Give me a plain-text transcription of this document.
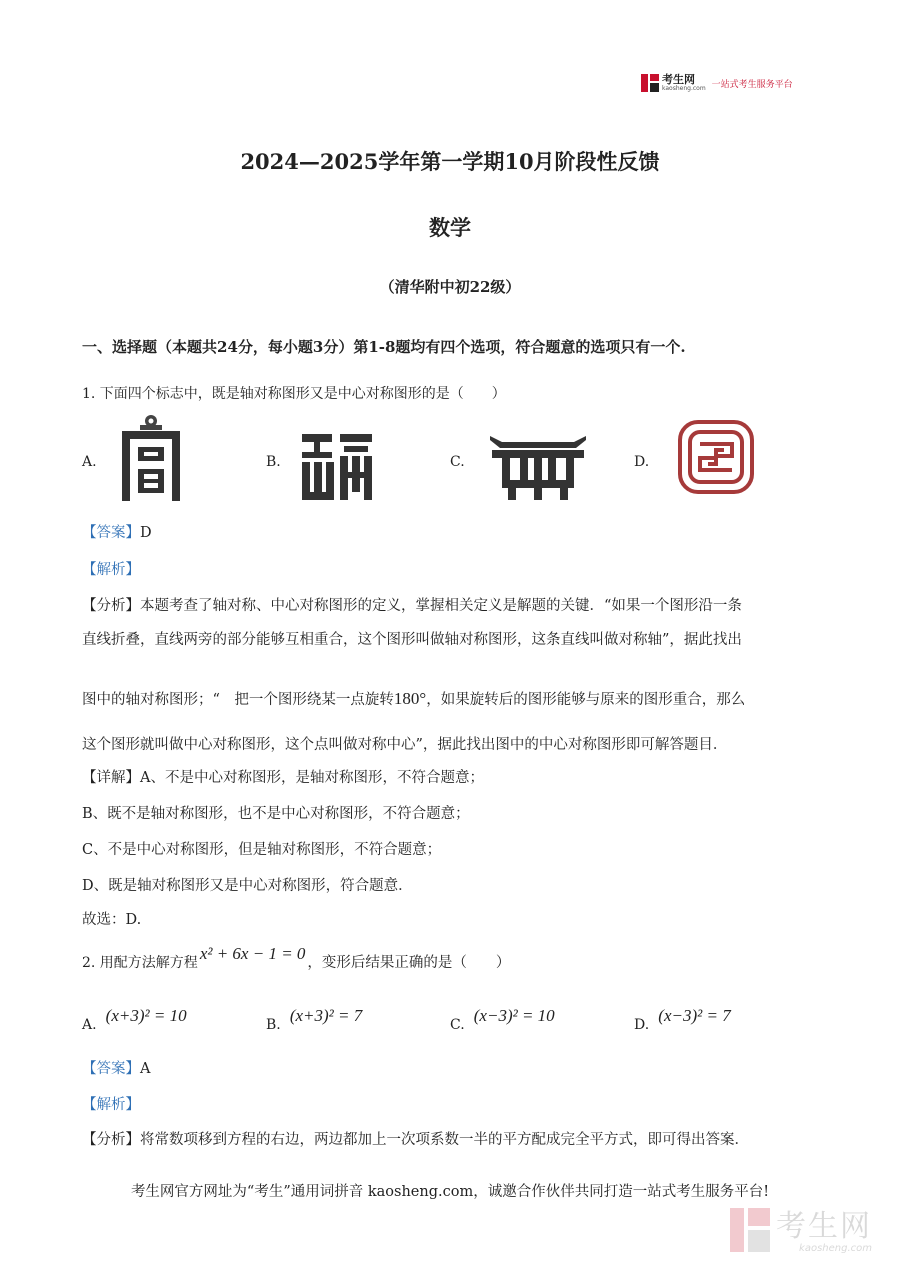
考生网
kaosheng.com 一站式考生服务平台
2024—2025学年第一学期10月阶段性反馈
数学
（清华附中初22级）
一、选择题（本题共24分，每小题3分）第1-8题均有四个选项，符合题意的选项只有一个.
1. 下面四个标志中，既是轴对称图形又是中心对称图形的是（　　）
A.	B.	C.	D.
【答案】D
【解析】
【分析】本题考查了轴对称、中心对称图形的定义，掌握相关定义是解题的关键．“如果一个图形沿一条
直线折叠，直线两旁的部分能够互相重合，这个图形叫做轴对称图形，这条直线叫做对称轴”，据此找出
图中的轴对称图形；“　把一个图形绕某一点旋转180°，如果旋转后的图形能够与原来的图形重合，那么
这个图形就叫做中心对称图形，这个点叫做对称中心”，据此找出图中的中心对称图形即可解答题目．
【详解】A、不是中心对称图形，是轴对称图形，不符合题意；
B、既不是轴对称图形，也不是中心对称图形，不符合题意；
C、不是中心对称图形，但是轴对称图形，不符合题意；
D、既是轴对称图形又是中心对称图形，符合题意．
故选：D.
2. 用配方法解方程 x² + 6x − 1 = 0 ，变形后结果正确的是（　　）
A. (x+3)² = 10	B. (x+3)² = 7	C. (x−3)² = 10	D. (x−3)² = 7
【答案】A
【解析】
【分析】将常数项移到方程的右边，两边都加上一次项系数一半的平方配成完全平方式，即可得出答案．
考生网官方网址为“考生”通用词拼音 kaosheng.com，诚邀合作伙伴共同打造一站式考生服务平台!
考生网
kaosheng.com
